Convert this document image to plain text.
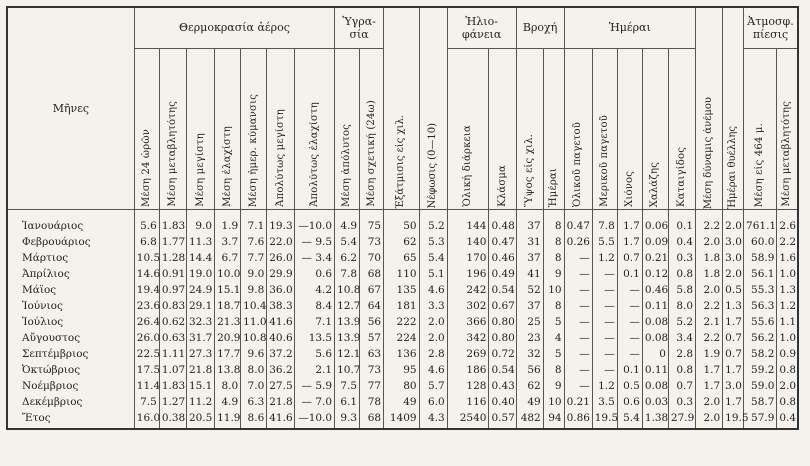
Μῆνες	Θερμοκρασία ἀέρος							Ὑγρα-σία		Ἐξάτμισις εἰς χιλ.	Νέφωσις (0—10)	Ἡλιο-φάνεια		Βροχή		Ἡμέραι					Μέση δύναμις ἀνέμου	Ἡμέραι θυέλλης	Ἀτμοσφ. πίεσις	

	Μέση 24 ὡρῶν	Μέση μεταβλητότης	Μέση μεγίστη	Μέση ἐλαχίστη	Μέση ἡμερ. κύμανσις	Ἀπολύτως μεγίστη	Ἀπολύτως ἐλαχίστη	Μέση ἀπόλυτος	Μέση σχετική (24ω)			Ὁλική διάρκεια	Κλάσμα	Ὕψος εἰς χιλ.	Ἡμέραι	Ὁλικοῦ παγετοῦ	Μερικοῦ παγετοῦ	Χιόνος	Χαλάζης	Καταιγίδος			Μέση εἰς 464 μ.	Μέση μεταβλητότης

Ἰανουάριος	5.6	1.83	9.0	1.9	7.1	19.3	—10.0	4.9	75	50	5.2	144	0.48	37	8	0.47	7.8	1.7	0.06	0.1	2.2	2.0	761.1	2.6
Φεβρουάριος	6.8	1.77	11.3	3.7	7.6	22.0	— 9.5	5.4	73	62	5.3	140	0.47	31	8	0.26	5.5	1.7	0.09	0.4	2.0	3.0	60.0	2.2
Μάρτιος	10.5	1.28	14.4	6.7	7.7	26.0	— 3.4	6.2	70	65	5.4	170	0.46	37	8	—	1.2	0.7	0.21	0.3	1.8	3.0	58.9	1.6
Ἀπρίλιος	14.6	0.91	19.0	10.0	9.0	29.9	0.6	7.8	68	110	5.1	196	0.49	41	9	—	—	0.1	0.12	0.8	1.8	2.0	56.1	1.0
Μάϊος	19.4	0.97	24.9	15.1	9.8	36.0	4.2	10.8	67	135	4.6	242	0.54	52	10	—	—	—	0.46	5.8	2.0	0.5	55.3	1.3
Ἰούνιος	23.6	0.83	29.1	18.7	10.4	38.3	8.4	12.7	64	181	3.3	302	0.67	37	8	—	—	—	0.11	8.0	2.2	1.3	56.3	1.2
Ἰούλιος	26.4	0.62	32.3	21.3	11.0	41.6	7.1	13.9	56	222	2.0	366	0.80	25	5	—	—	—	0.08	5.2	2.1	1.7	55.6	1.1
Αὔγουστος	26.0	0.63	31.7	20.9	10.8	40.6	13.5	13.9	57	224	2.0	342	0.80	23	4	—	—	—	0.08	3.4	2.2	0.7	56.2	1.0
Σεπτέμβριος	22.5	1.11	27.3	17.7	9.6	37.2	5.6	12.1	63	136	2.8	269	0.72	32	5	—	—	—	0	2.8	1.9	0.7	58.2	0.9
Ὀκτώβριος	17.5	1.07	21.8	13.8	8.0	36.2	2.1	10.7	73	95	4.6	186	0.54	56	8	—	—	0.1	0.11	0.8	1.7	1.7	59.2	0.8
Νοέμβριος	11.4	1.83	15.1	8.0	7.0	27.5	— 5.9	7.5	77	80	5.7	128	0.43	62	9	—	1.2	0.5	0.08	0.7	1.7	3.0	59.0	2.0
Δεκέμβριος	7.5	1.27	11.2	4.9	6.3	21.8	— 7.0	6.1	78	49	6.0	116	0.40	49	10	0.21	3.5	0.6	0.03	0.3	2.0	1.7	58.7	0.8
Ἔτος	16.0	0.38	20.5	11.9	8.6	41.6	—10.0	9.3	68	1409	4.3	2540	0.57	482	94	0.86	19.5	5.4	1.38	27.9	2.0	19.5	57.9	0.4
